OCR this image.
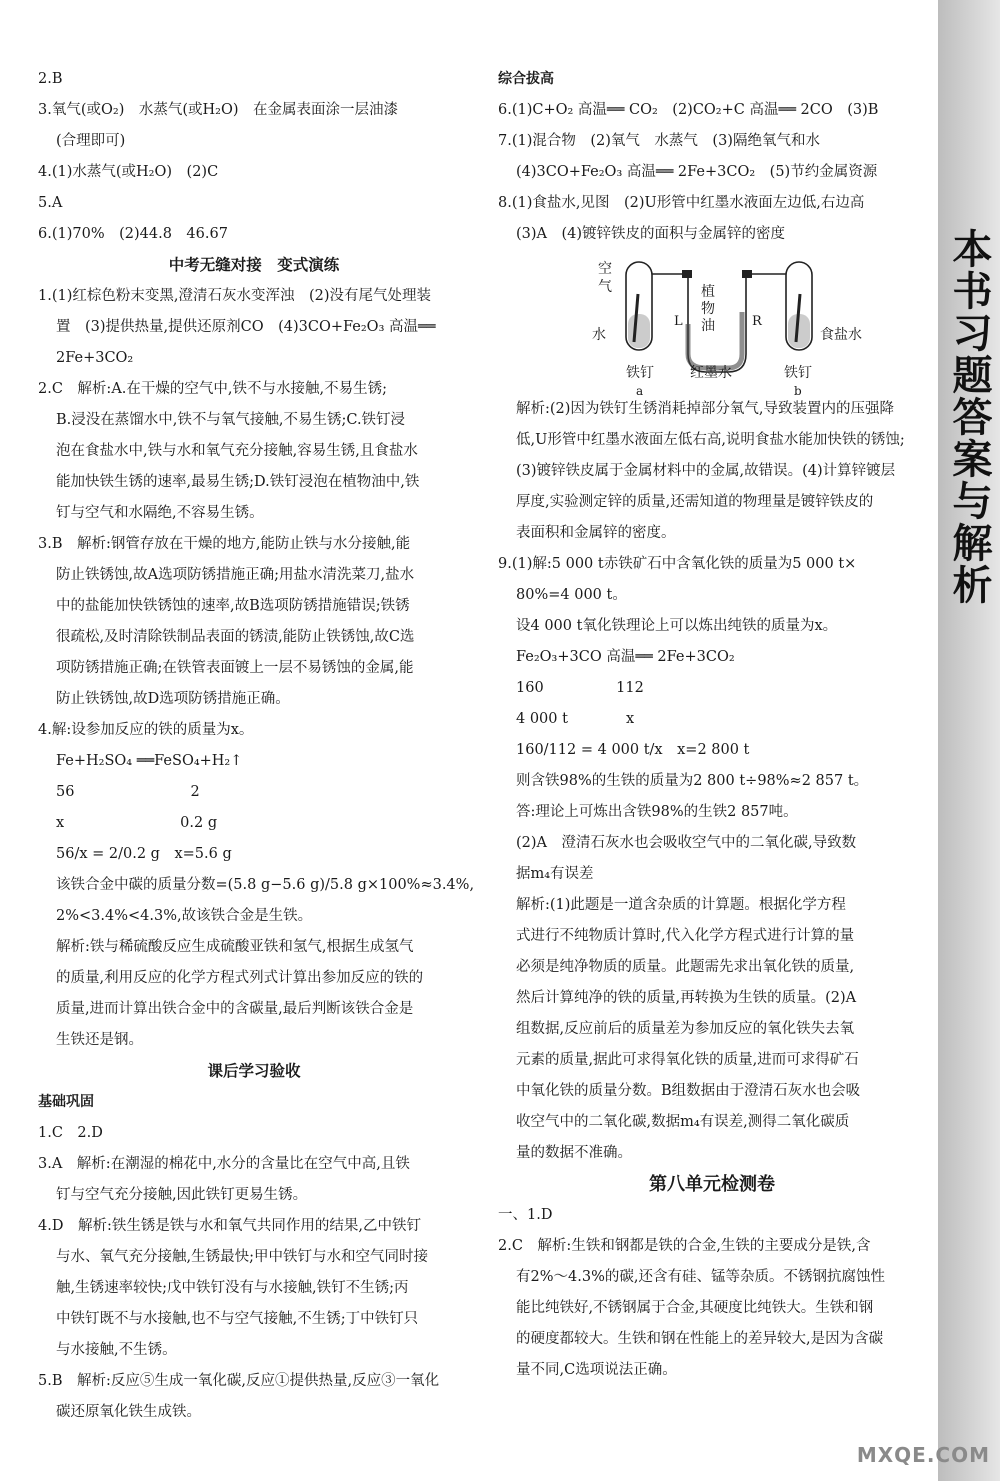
2.B
3.氧气(或O₂)　水蒸气(或H₂O)　在金属表面涂一层油漆
(合理即可)
4.(1)水蒸气(或H₂O)　(2)C
5.A
6.(1)70%　(2)44.8　46.67
中考无缝对接　变式演练
1.(1)红棕色粉末变黑,澄清石灰水变浑浊　(2)没有尾气处理装
置　(3)提供热量,提供还原剂CO　(4)3CO+Fe₂O₃ 高温══
2Fe+3CO₂
2.C　解析:A.在干燥的空气中,铁不与水接触,不易生锈;
B.浸没在蒸馏水中,铁不与氧气接触,不易生锈;C.铁钉浸
泡在食盐水中,铁与水和氧气充分接触,容易生锈,且食盐水
能加快铁生锈的速率,最易生锈;D.铁钉浸泡在植物油中,铁
钉与空气和水隔绝,不容易生锈。
3.B　解析:钢管存放在干燥的地方,能防止铁与水分接触,能
防止铁锈蚀,故A选项防锈措施正确;用盐水清洗菜刀,盐水
中的盐能加快铁锈蚀的速率,故B选项防锈措施错误;铁锈
很疏松,及时清除铁制品表面的锈渍,能防止铁锈蚀,故C选
项防锈措施正确;在铁管表面镀上一层不易锈蚀的金属,能
防止铁锈蚀,故D选项防锈措施正确。
4.解:设参加反应的铁的质量为x。
Fe+H₂SO₄ ══FeSO₄+H₂↑
56　　　　　　　　2
x　　　　　　　　0.2 g
56/x = 2/0.2 g　x=5.6 g
该铁合金中碳的质量分数=(5.8 g−5.6 g)/5.8 g×100%≈3.4%,
2%<3.4%<4.3%,故该铁合金是生铁。
解析:铁与稀硫酸反应生成硫酸亚铁和氢气,根据生成氢气
的质量,利用反应的化学方程式列式计算出参加反应的铁的
质量,进而计算出铁合金中的含碳量,最后判断该铁合金是
生铁还是钢。
课后学习验收
基础巩固
1.C　2.D
3.A　解析:在潮湿的棉花中,水分的含量比在空气中高,且铁
钉与空气充分接触,因此铁钉更易生锈。
4.D　解析:铁生锈是铁与水和氧气共同作用的结果,乙中铁钉
与水、氧气充分接触,生锈最快;甲中铁钉与水和空气同时接
触,生锈速率较快;戊中铁钉没有与水接触,铁钉不生锈;丙
中铁钉既不与水接触,也不与空气接触,不生锈;丁中铁钉只
与水接触,不生锈。
5.B　解析:反应⑤生成一氧化碳,反应①提供热量,反应③一氧化
碳还原氧化铁生成铁。
综合拔高
6.(1)C+O₂ 高温══ CO₂　(2)CO₂+C 高温══ 2CO　(3)B
7.(1)混合物　(2)氧气　水蒸气　(3)隔绝氧气和水
(4)3CO+Fe₂O₃ 高温══ 2Fe+3CO₂　(5)节约金属资源
8.(1)食盐水,见图　(2)U形管中红墨水液面左边低,右边高
(3)A　(4)镀锌铁皮的面积与金属锌的密度
空气	植物油
L	R
水	食盐水
铁钉
a
红墨水	铁钉
b
解析:(2)因为铁钉生锈消耗掉部分氧气,导致装置内的压强降
低,U形管中红墨水液面左低右高,说明食盐水能加快铁的锈蚀;
(3)镀锌铁皮属于金属材料中的金属,故错误。(4)计算锌镀层
厚度,实验测定锌的质量,还需知道的物理量是镀锌铁皮的
表面积和金属锌的密度。
9.(1)解:5 000 t赤铁矿石中含氧化铁的质量为5 000 t×
80%=4 000 t。
设4 000 t氧化铁理论上可以炼出纯铁的质量为x。
Fe₂O₃+3CO 高温══ 2Fe+3CO₂
160　　　　　112
4 000 t　　　　x
160/112 = 4 000 t/x　x=2 800 t
则含铁98%的生铁的质量为2 800 t÷98%≈2 857 t。
答:理论上可炼出含铁98%的生铁2 857吨。
(2)A　澄清石灰水也会吸收空气中的二氧化碳,导致数
据m₄有误差
解析:(1)此题是一道含杂质的计算题。根据化学方程
式进行不纯物质计算时,代入化学方程式进行计算的量
必须是纯净物质的质量。此题需先求出氧化铁的质量,
然后计算纯净的铁的质量,再转换为生铁的质量。(2)A
组数据,反应前后的质量差为参加反应的氧化铁失去氧
元素的质量,据此可求得氧化铁的质量,进而可求得矿石
中氧化铁的质量分数。B组数据由于澄清石灰水也会吸
收空气中的二氧化碳,数据m₄有误差,测得二氧化碳质
量的数据不准确。
第八单元检测卷
一、1.D
2.C　解析:生铁和钢都是铁的合金,生铁的主要成分是铁,含
有2%～4.3%的碳,还含有硅、锰等杂质。不锈钢抗腐蚀性
能比纯铁好,不锈钢属于合金,其硬度比纯铁大。生铁和钢
的硬度都较大。生铁和钢在性能上的差异较大,是因为含碳
量不同,C选项说法正确。
本书习题答案与解析
MXQE.COM
